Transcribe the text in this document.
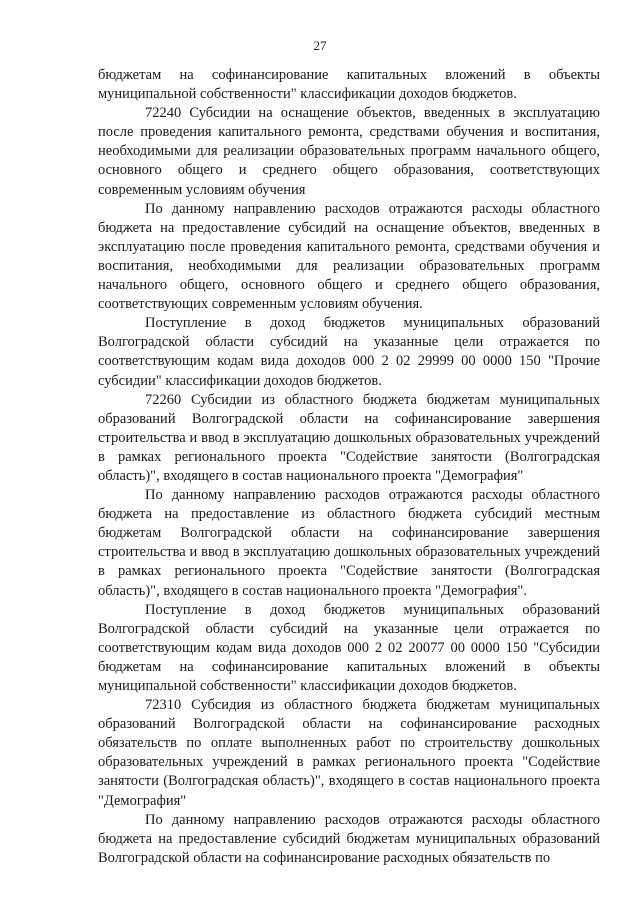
27

бюджетам на софинансирование капитальных вложений в объекты муниципальной собственности" классификации доходов бюджетов.

72240 Субсидии на оснащение объектов, введенных в эксплуатацию после проведения капитального ремонта, средствами обучения и воспитания, необходимыми для реализации образовательных программ начального общего, основного общего и среднего общего образования, соответствующих современным условиям обучения

По данному направлению расходов отражаются расходы областного бюджета на предоставление субсидий на оснащение объектов, введенных в эксплуатацию после проведения капитального ремонта, средствами обучения и воспитания, необходимыми для реализации образовательных программ начального общего, основного общего и среднего общего образования, соответствующих современным условиям обучения.

Поступление в доход бюджетов муниципальных образований Волгоградской области субсидий на указанные цели отражается по соответствующим кодам вида доходов 000 2 02 29999 00 0000 150 "Прочие субсидии" классификации доходов бюджетов.

72260 Субсидии из областного бюджета бюджетам муниципальных образований Волгоградской области на софинансирование завершения строительства и ввод в эксплуатацию дошкольных образовательных учреждений в рамках регионального проекта "Содействие занятости (Волгоградская область)", входящего в состав национального проекта "Демография"

По данному направлению расходов отражаются расходы областного бюджета на предоставление из областного бюджета субсидий местным бюджетам Волгоградской области на софинансирование завершения строительства и ввод в эксплуатацию дошкольных образовательных учреждений в рамках регионального проекта "Содействие занятости (Волгоградская область)", входящего в состав национального проекта "Демография".

Поступление в доход бюджетов муниципальных образований Волгоградской области субсидий на указанные цели отражается по соответствующим кодам вида доходов 000 2 02 20077 00 0000 150 "Субсидии бюджетам на софинансирование капитальных вложений в объекты муниципальной собственности" классификации доходов бюджетов.

72310 Субсидия из областного бюджета бюджетам муниципальных образований Волгоградской области на софинансирование расходных обязательств по оплате выполненных работ по строительству дошкольных образовательных учреждений в рамках регионального проекта "Содействие занятости (Волгоградская область)", входящего в состав национального проекта "Демография"

По данному направлению расходов отражаются расходы областного бюджета на предоставление субсидий бюджетам муниципальных образований Волгоградской области на софинансирование расходных обязательств по
